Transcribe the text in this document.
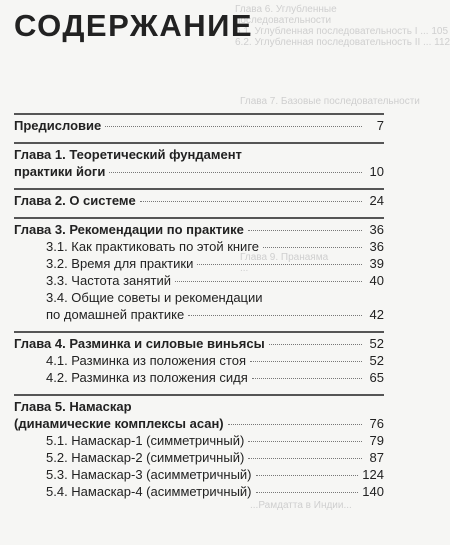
Глава 6. Углубленные
последовательности
6.1. Углубленная последовательность I ... 105
6.2. Углубленная последовательность II ... 112
Глава 7. Базовые последовательности
...
...
Глава 9. Пранаяма
...
...Рамдатта в Индии...
СОДЕРЖАНИЕ
Предисловие	7
Глава 1. Теоретический фундамент
практики йоги	10
Глава 2. О системе	24
Глава 3. Рекомендации по практике	36
3.1. Как практиковать по этой книге	36
3.2. Время для практики	39
3.3. Частота занятий	40
3.4. Общие советы и рекомендации
по домашней практике	42
Глава 4. Разминка и силовые виньясы	52
4.1. Разминка из положения стоя	52
4.2. Разминка из положения сидя	65
Глава 5. Намаскар
(динамические комплексы асан)	76
5.1. Намаскар-1 (симметричный)	79
5.2. Намаскар-2 (симметричный)	87
5.3. Намаскар-3 (асимметричный)	124
5.4. Намаскар-4 (асимметричный)	140
